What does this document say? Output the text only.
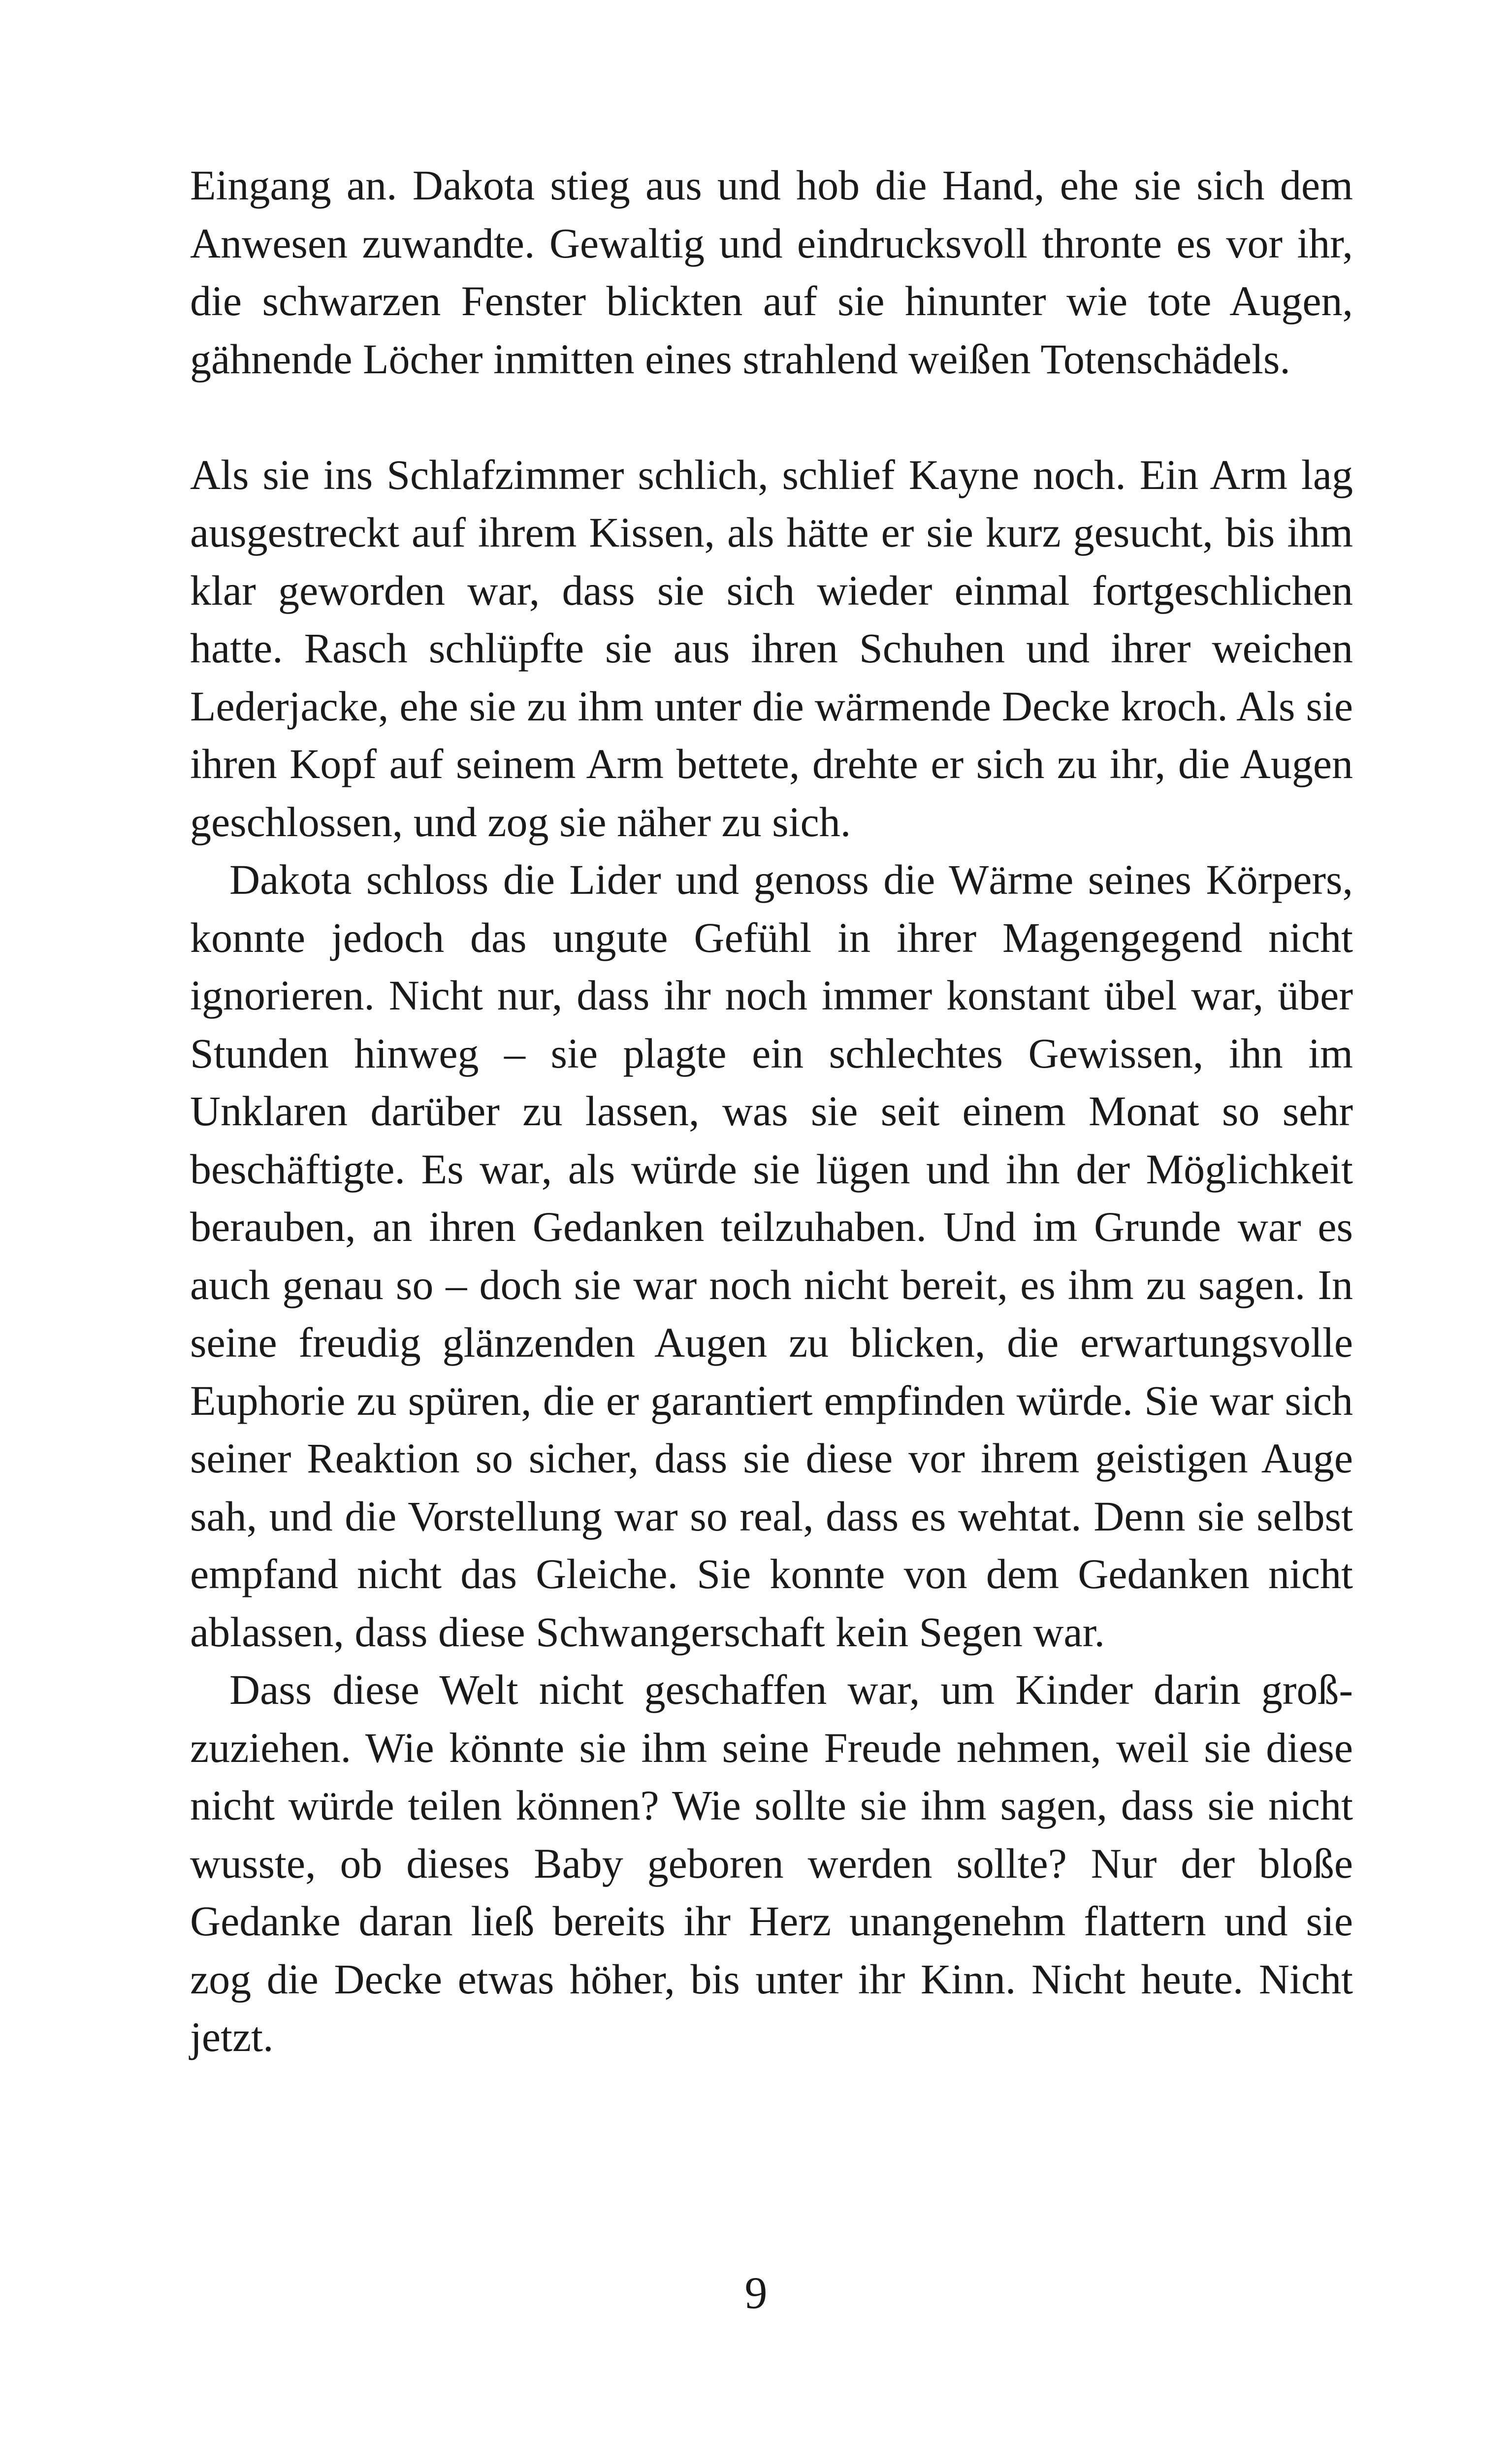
Eingang an. Dakota stieg aus und hob die Hand, ehe sie sich dem Anwesen zuwandte. Gewaltig und eindrucksvoll thronte es vor ihr, die schwarzen Fenster blickten auf sie hinunter wie tote Augen, gähnende Löcher inmitten eines strahlend weißen Totenschädels.

Als sie ins Schlafzimmer schlich, schlief Kayne noch. Ein Arm lag ausgestreckt auf ihrem Kissen, als hätte er sie kurz gesucht, bis ihm klar geworden war, dass sie sich wieder einmal fortgeschlichen hatte. Rasch schlüpfte sie aus ihren Schuhen und ihrer weichen Lederjacke, ehe sie zu ihm unter die wärmende Decke kroch. Als sie ihren Kopf auf seinem Arm bettete, drehte er sich zu ihr, die Augen geschlossen, und zog sie näher zu sich.

Dakota schloss die Lider und genoss die Wärme seines Körpers, konnte jedoch das ungute Gefühl in ihrer Magengegend nicht ignorieren. Nicht nur, dass ihr noch immer konstant übel war, über Stunden hinweg – sie plagte ein schlechtes Gewissen, ihn im Unklaren darüber zu lassen, was sie seit einem Monat so sehr beschäftigte. Es war, als würde sie lügen und ihn der Möglichkeit berauben, an ihren Gedanken teilzuhaben. Und im Grunde war es auch genau so – doch sie war noch nicht bereit, es ihm zu sagen. In seine freudig glänzenden Augen zu blicken, die erwartungsvolle Euphorie zu spüren, die er garantiert empfinden würde. Sie war sich seiner Reaktion so sicher, dass sie diese vor ihrem geistigen Auge sah, und die Vorstellung war so real, dass es wehtat. Denn sie selbst empfand nicht das Gleiche. Sie konnte von dem Gedanken nicht ablassen, dass diese Schwangerschaft kein Segen war.

Dass diese Welt nicht geschaffen war, um Kinder darin großzuziehen. Wie könnte sie ihm seine Freude nehmen, weil sie diese nicht würde teilen können? Wie sollte sie ihm sagen, dass sie nicht wusste, ob dieses Baby geboren werden sollte? Nur der bloße Gedanke daran ließ bereits ihr Herz unangenehm flattern und sie zog die Decke etwas höher, bis unter ihr Kinn. Nicht heute. Nicht jetzt.

9
